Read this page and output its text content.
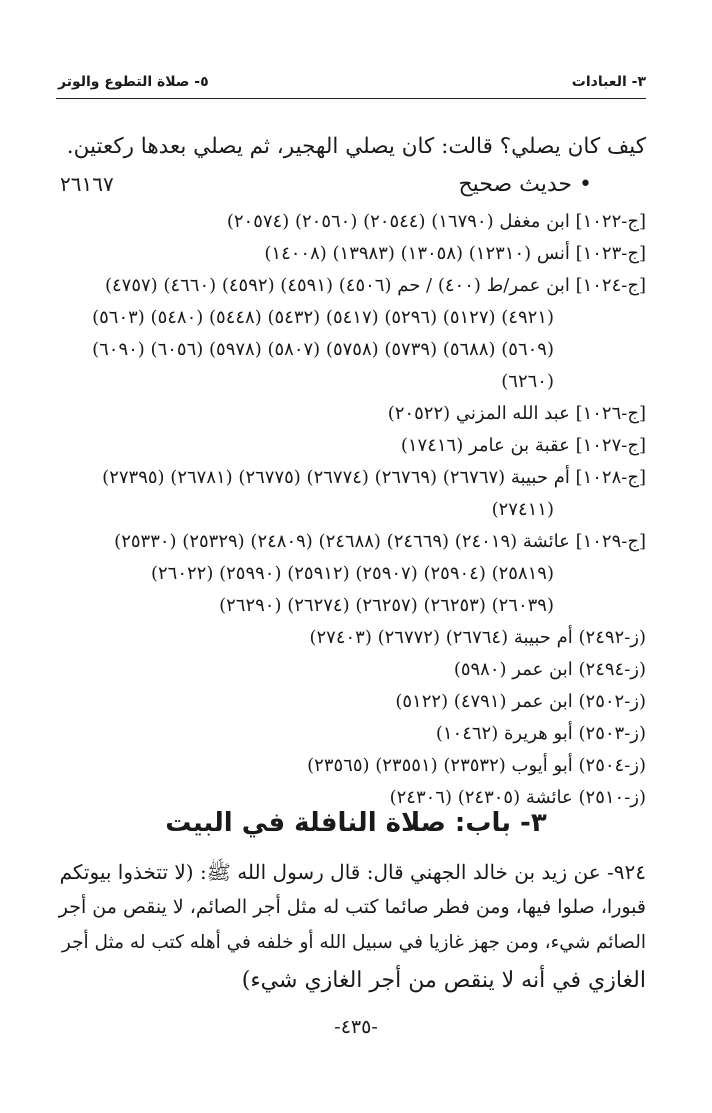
٣- العبادات
٥- صلاة التطوع والوتر
كيف كان يصلي؟ قالت: كان يصلي الهجير، ثم يصلي بعدها ركعتين.
• حديث صحيح
٢٦١٦٧
[ج-١٠٢٢] ابن مغفل (١٦٧٩٠) (٢٠٥٤٤) (٢٠٥٦٠) (٢٠٥٧٤)
[ج-١٠٢٣] أنس (١٢٣١٠) (١٣٠٥٨) (١٣٩٨٣) (١٤٠٠٨)
[ج-١٠٢٤] ابن عمر/ط (٤٠٠) / حم (٤٥٠٦) (٤٥٩١) (٤٥٩٢) (٤٦٦٠) (٤٧٥٧)
(٤٩٢١) (٥١٢٧) (٥٢٩٦) (٥٤١٧) (٥٤٣٢) (٥٤٤٨) (٥٤٨٠) (٥٦٠٣)
(٥٦٠٩) (٥٦٨٨) (٥٧٣٩) (٥٧٥٨) (٥٨٠٧) (٥٩٧٨) (٦٠٥٦) (٦٠٩٠)
(٦٢٦٠)
[ج-١٠٢٦] عبد الله المزني (٢٠٥٢٢)
[ج-١٠٢٧] عقبة بن عامر (١٧٤١٦)
[ج-١٠٢٨] أم حبيبة (٢٦٧٦٧) (٢٦٧٦٩) (٢٦٧٧٤) (٢٦٧٧٥) (٢٦٧٨١) (٢٧٣٩٥)
(٢٧٤١١)
[ج-١٠٢٩] عائشة (٢٤٠١٩) (٢٤٦٦٩) (٢٤٦٨٨) (٢٤٨٠٩) (٢٥٣٢٩) (٢٥٣٣٠)
(٢٥٨١٩) (٢٥٩٠٤) (٢٥٩٠٧) (٢٥٩١٢) (٢٥٩٩٠) (٢٦٠٢٢)
(٢٦٠٣٩) (٢٦٢٥٣) (٢٦٢٥٧) (٢٦٢٧٤) (٢٦٢٩٠)
(ز-٢٤٩٢) أم حبيبة (٢٦٧٦٤) (٢٦٧٧٢) (٢٧٤٠٣)
(ز-٢٤٩٤) ابن عمر (٥٩٨٠)
(ز-٢٥٠٢) ابن عمر (٤٧٩١) (٥١٢٢)
(ز-٢٥٠٣) أبو هريرة (١٠٤٦٢)
(ز-٢٥٠٤) أبو أيوب (٢٣٥٣٢) (٢٣٥٥١) (٢٣٥٦٥)
(ز-٢٥١٠) عائشة (٢٤٣٠٥) (٢٤٣٠٦)
٣- باب: صلاة النافلة في البيت
٩٢٤- عن زيد بن خالد الجهني قال: قال رسول الله ﷺ: (لا تتخذوا بيوتكم
قبورا، صلوا فيها، ومن فطر صائما كتب له مثل أجر الصائم، لا ينقص من أجر
الصائم شيء، ومن جهز غازيا في سبيل الله أو خلفه في أهله كتب له مثل أجر
الغازي في أنه لا ينقص من أجر الغازي شيء)
-٤٣٥-
